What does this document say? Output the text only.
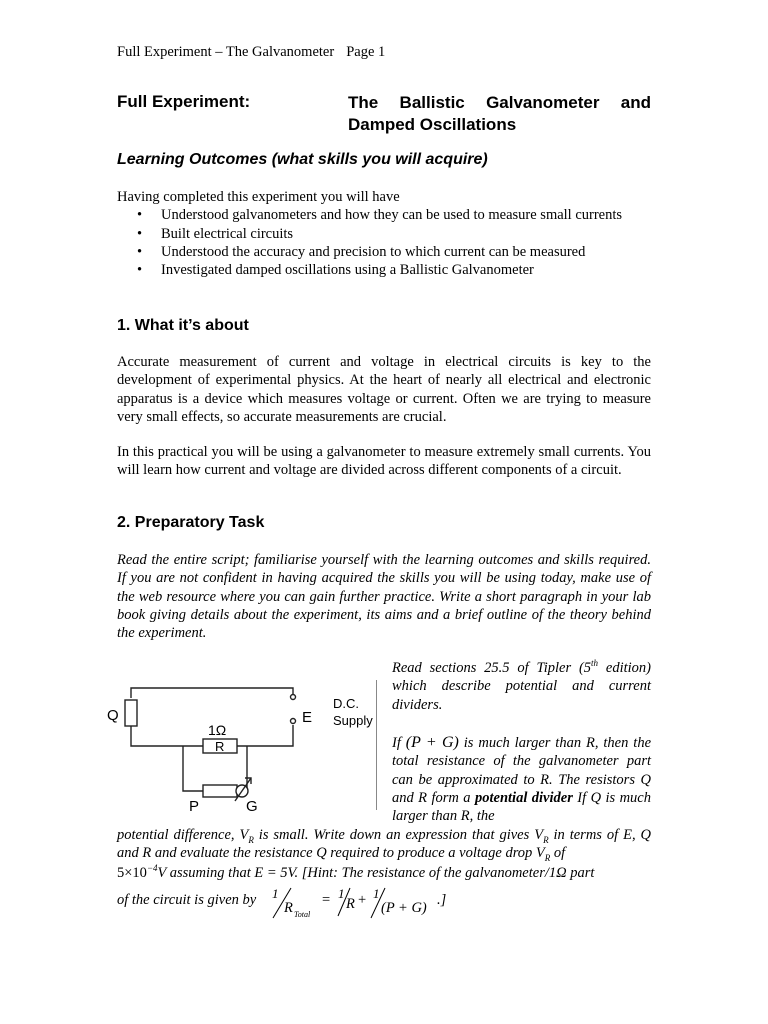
Full Experiment – The Galvanometer Page 1
Full Experiment:	The Ballistic Galvanometer and
Damped Oscillations
Learning Outcomes (what skills you will acquire)
Having completed this experiment you will have
• Understood galvanometers and how they can be used to measure small currents
• Built electrical circuits
• Understood the accuracy and precision to which current can be measured
• Investigated damped oscillations using a Ballistic Galvanometer
1. What it’s about
Accurate measurement of current and voltage in electrical circuits is key to the development of experimental physics. At the heart of nearly all electrical and electronic apparatus is a device which measures voltage or current. Often we are trying to measure very small effects, so accurate measurements are crucial.
In this practical you will be using a galvanometer to measure extremely small currents. You will learn how current and voltage are divided across different components of a circuit.
2. Preparatory Task
Read the entire script; familiarise yourself with the learning outcomes and skills required. If you are not confident in having acquired the skills you will be using today, make use of the web resource where you can gain further practice. Write a short paragraph in your lab book giving details about the experiment, its aims and a brief outline of the theory behind the experiment.
Q
1Ω
R
E
D.C.
Supply
P	G
Read sections 25.5 of Tipler (5th edition) which describe potential and current dividers.
If (P + G) is much larger than R, then the total resistance of the galvanometer part can be approximated to R. The resistors Q and R form a potential divider If Q is much larger than R, the
potential difference, $V_R$ is small. Write down an expression that gives $V_R$ in terms of E, Q and R and evaluate the resistance Q required to produce a voltage drop $V_R$ of
$5\times 10^{-4}V$ assuming that E = 5V. [Hint: The resistance of the galvanometer/1Ω part
of the circuit is given by 1
R Total
= 1
R + 1
(P + G) .]
